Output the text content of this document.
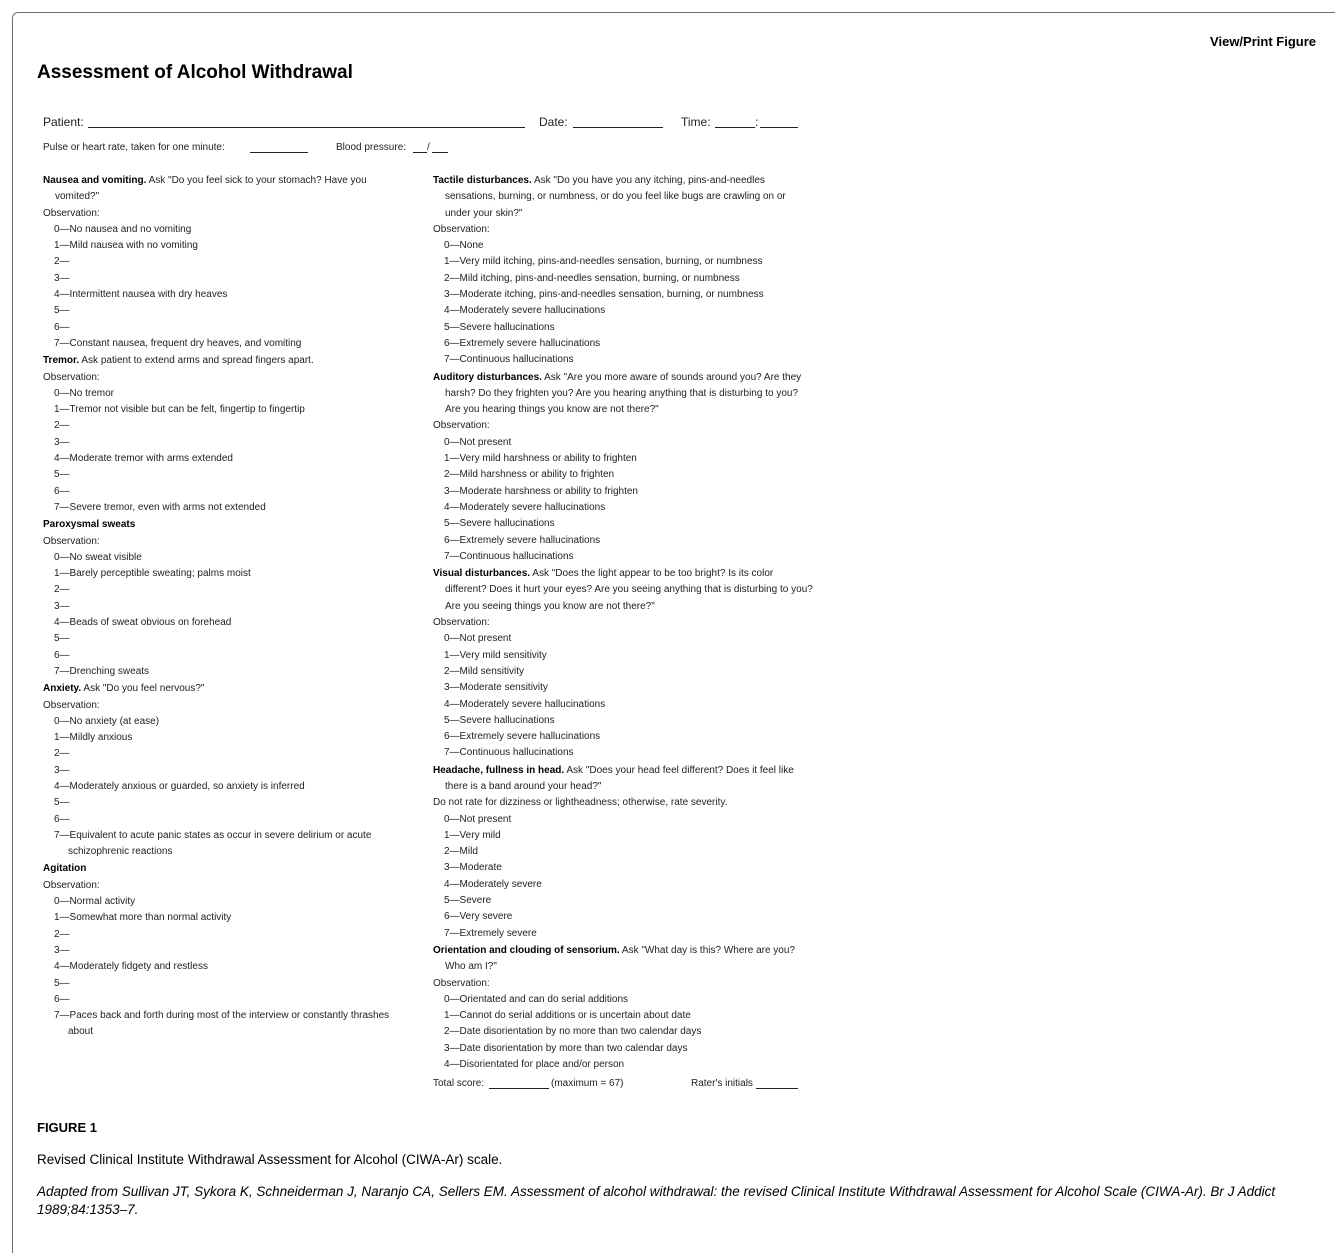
View/Print Figure
Assessment of Alcohol Withdrawal
Patient:	Date:	Time:	:
Pulse or heart rate, taken for one minute:	Blood pressure: /
Nausea and vomiting. Ask "Do you feel sick to your stomach? Have you vomited?"
Observation:
0—No nausea and no vomiting
1—Mild nausea with no vomiting
2—
3—
4—Intermittent nausea with dry heaves
5—
6—
7—Constant nausea, frequent dry heaves, and vomiting
Tremor. Ask patient to extend arms and spread fingers apart.
Observation:
0—No tremor
1—Tremor not visible but can be felt, fingertip to fingertip
2—
3—
4—Moderate tremor with arms extended
5—
6—
7—Severe tremor, even with arms not extended
Paroxysmal sweats
Observation:
0—No sweat visible
1—Barely perceptible sweating; palms moist
2—
3—
4—Beads of sweat obvious on forehead
5—
6—
7—Drenching sweats
Anxiety. Ask "Do you feel nervous?"
Observation:
0—No anxiety (at ease)
1—Mildly anxious
2—
3—
4—Moderately anxious or guarded, so anxiety is inferred
5—
6—
7—Equivalent to acute panic states as occur in severe delirium or acute schizophrenic reactions
Agitation
Observation:
0—Normal activity
1—Somewhat more than normal activity
2—
3—
4—Moderately fidgety and restless
5—
6—
7—Paces back and forth during most of the interview or constantly thrashes about
Tactile disturbances. Ask "Do you have you any itching, pins-and-needles sensations, burning, or numbness, or do you feel like bugs are crawling on or under your skin?"
Observation:
0—None
1—Very mild itching, pins-and-needles sensation, burning, or numbness
2—Mild itching, pins-and-needles sensation, burning, or numbness
3—Moderate itching, pins-and-needles sensation, burning, or numbness
4—Moderately severe hallucinations
5—Severe hallucinations
6—Extremely severe hallucinations
7—Continuous hallucinations
Auditory disturbances. Ask "Are you more aware of sounds around you? Are they harsh? Do they frighten you? Are you hearing anything that is disturbing to you? Are you hearing things you know are not there?"
Observation:
0—Not present
1—Very mild harshness or ability to frighten
2—Mild harshness or ability to frighten
3—Moderate harshness or ability to frighten
4—Moderately severe hallucinations
5—Severe hallucinations
6—Extremely severe hallucinations
7—Continuous hallucinations
Visual disturbances. Ask "Does the light appear to be too bright? Is its color different? Does it hurt your eyes? Are you seeing anything that is disturbing to you? Are you seeing things you know are not there?"
Observation:
0—Not present
1—Very mild sensitivity
2—Mild sensitivity
3—Moderate sensitivity
4—Moderately severe hallucinations
5—Severe hallucinations
6—Extremely severe hallucinations
7—Continuous hallucinations
Headache, fullness in head. Ask "Does your head feel different? Does it feel like there is a band around your head?"
Do not rate for dizziness or lightheadness; otherwise, rate severity.
0—Not present
1—Very mild
2—Mild
3—Moderate
4—Moderately severe
5—Severe
6—Very severe
7—Extremely severe
Orientation and clouding of sensorium. Ask "What day is this? Where are you? Who am I?"
Observation:
0—Orientated and can do serial additions
1—Cannot do serial additions or is uncertain about date
2—Date disorientation by no more than two calendar days
3—Date disorientation by more than two calendar days
4—Disorientated for place and/or person
Total score:	(maximum = 67)	Rater's initials
FIGURE 1
Revised Clinical Institute Withdrawal Assessment for Alcohol (CIWA-Ar) scale.
Adapted from Sullivan JT, Sykora K, Schneiderman J, Naranjo CA, Sellers EM. Assessment of alcohol withdrawal: the revised Clinical Institute Withdrawal Assessment for Alcohol Scale (CIWA-Ar). Br J Addict 1989;84:1353–7.
